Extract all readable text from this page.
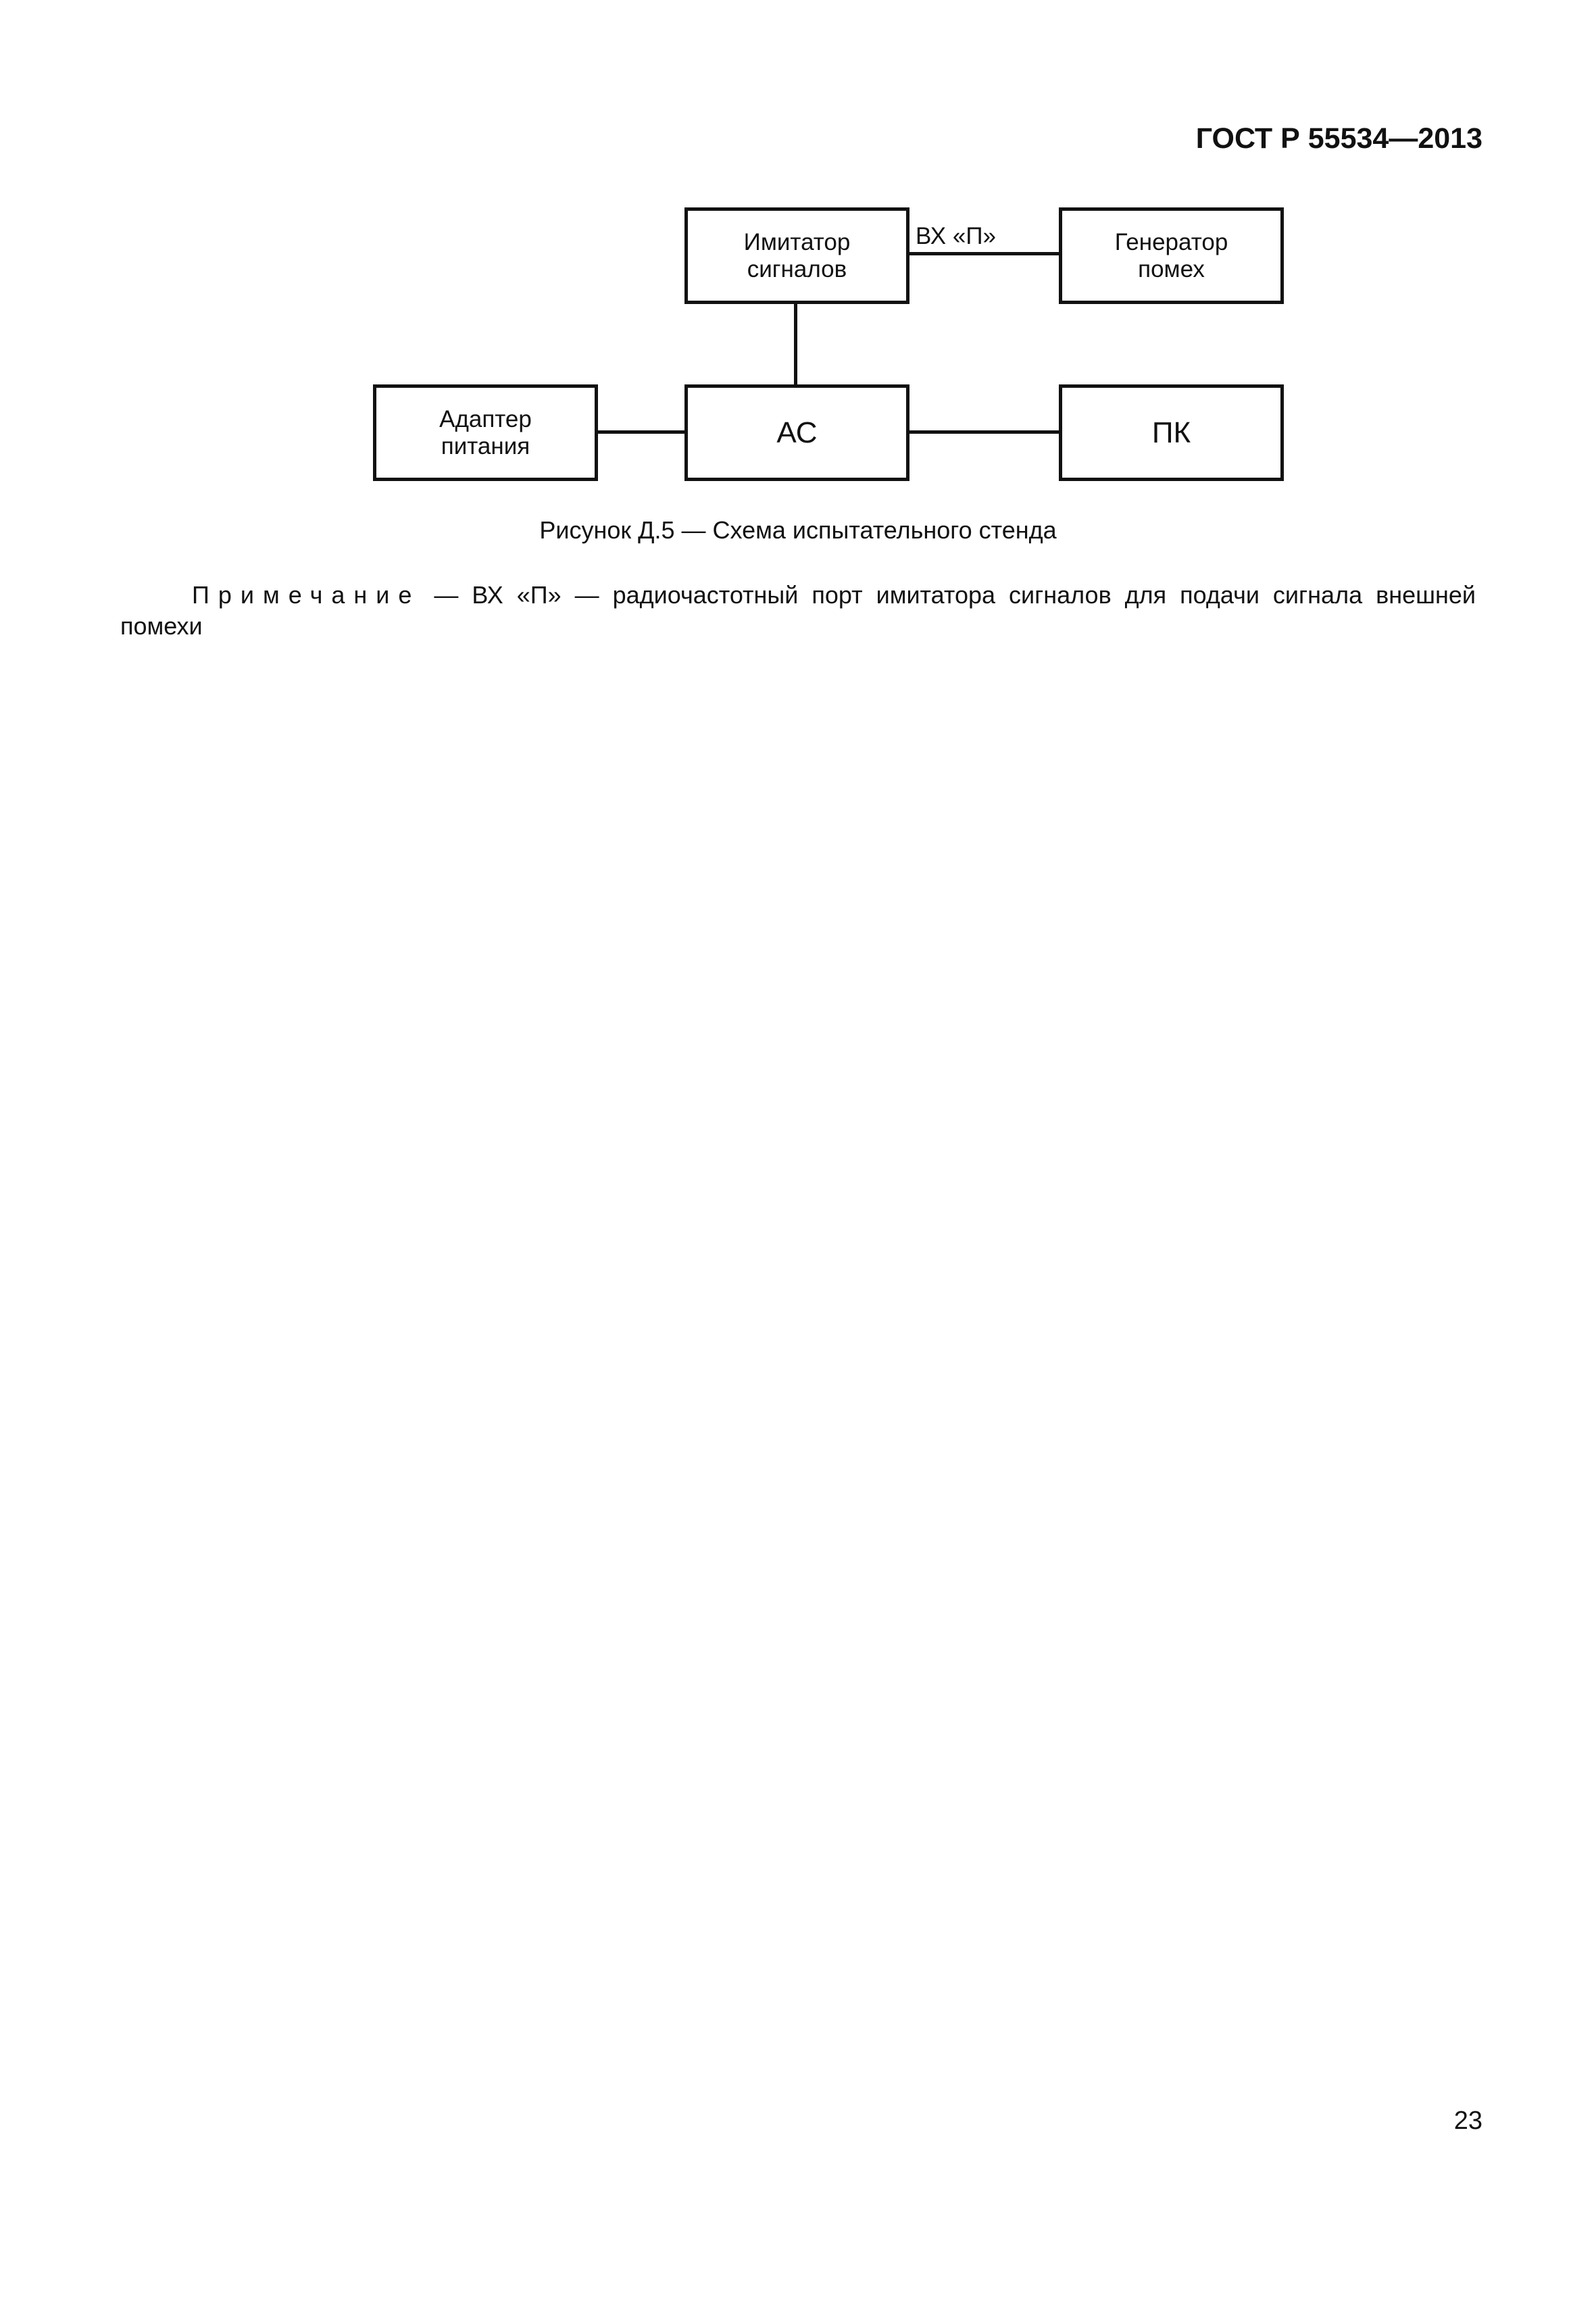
ГОСТ Р 55534—2013
ВХ «П»
Имитатор
сигналов
Генератор
помех
Адаптер
питания	АС	ПК
Рисунок Д.5 — Схема испытательного стенда
Примечание — ВХ «П» — радиочастотный порт имитатора сигналов для подачи сигнала внешней помехи
23
